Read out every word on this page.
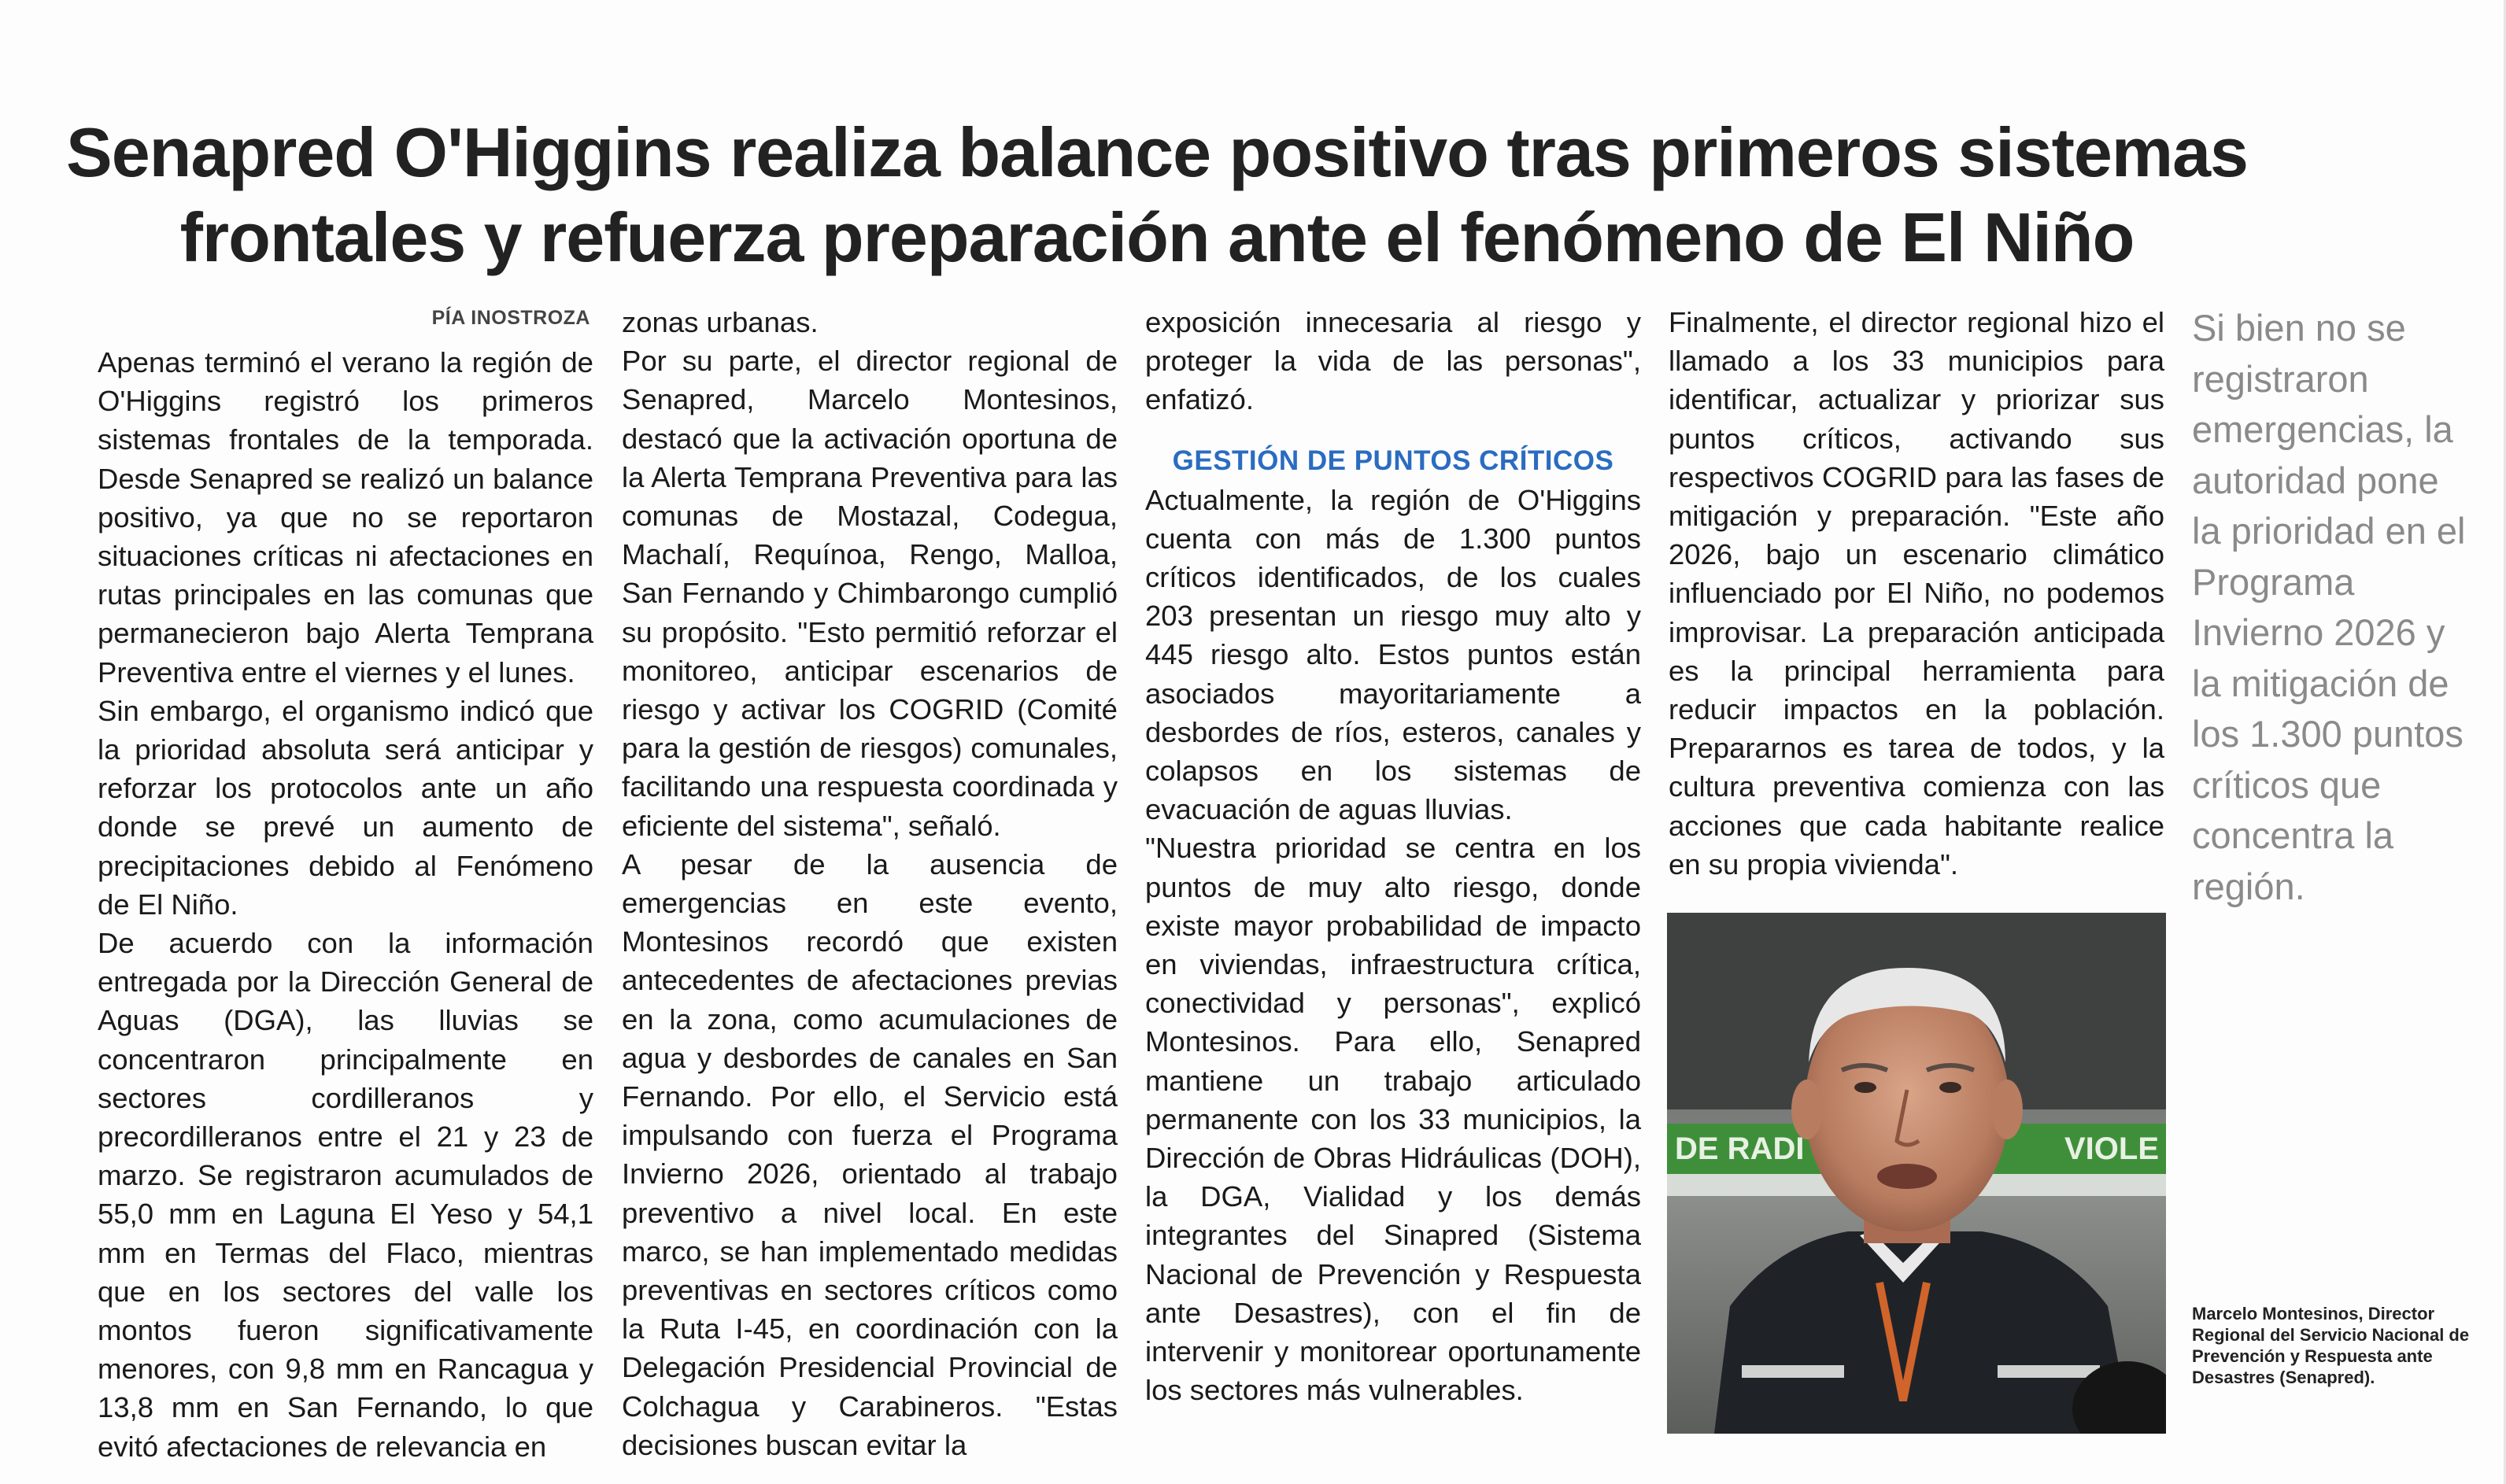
Senapred O'Higgins realiza balance positivo tras primeros sistemas
frontales y refuerza preparación ante el fenómeno de El Niño

PÍA INOSTROZA

Apenas terminó el verano la región de O'Higgins registró los primeros sistemas frontales de la temporada. Desde Senapred se realizó un balance positivo, ya que no se reportaron situaciones críticas ni afectaciones en rutas principales en las comunas que permanecieron bajo Alerta Temprana Preventiva entre el viernes y el lunes.

Sin embargo, el organismo indicó que la prioridad absoluta será anticipar y reforzar los protocolos ante un año donde se prevé un aumento de precipitaciones debido al Fenómeno de El Niño.

De acuerdo con la información entregada por la Dirección General de Aguas (DGA), las lluvias se concentraron principalmente en sectores cordilleranos y precordilleranos entre el 21 y 23 de marzo. Se registraron acumulados de 55,0 mm en Laguna El Yeso y 54,1 mm en Termas del Flaco, mientras que en los sectores del valle los montos fueron significativamente menores, con 9,8 mm en Rancagua y 13,8 mm en San Fernando, lo que evitó afectaciones de relevancia en

zonas urbanas.

Por su parte, el director regional de Senapred, Marcelo Montesinos, destacó que la activación oportuna de la Alerta Temprana Preventiva para las comunas de Mostazal, Codegua, Machalí, Requínoa, Rengo, Malloa, San Fernando y Chimbarongo cumplió su propósito. "Esto permitió reforzar el monitoreo, anticipar escenarios de riesgo y activar los COGRID (Comité para la gestión de riesgos) comunales, facilitando una respuesta coordinada y eficiente del sistema", señaló.

A pesar de la ausencia de emergencias en este evento, Montesinos recordó que existen antecedentes de afectaciones previas en la zona, como acumulaciones de agua y desbordes de canales en San Fernando. Por ello, el Servicio está impulsando con fuerza el Programa Invierno 2026, orientado al trabajo preventivo a nivel local. En este marco, se han implementado medidas preventivas en sectores críticos como la Ruta I-45, en coordinación con la Delegación Presidencial Provincial de Colchagua y Carabineros. "Estas decisiones buscan evitar la

exposición innecesaria al riesgo y proteger la vida de las personas", enfatizó.

GESTIÓN DE PUNTOS CRÍTICOS

Actualmente, la región de O'Higgins cuenta con más de 1.300 puntos críticos identificados, de los cuales 203 presentan un riesgo muy alto y 445 riesgo alto. Estos puntos están asociados mayoritariamente a desbordes de ríos, esteros, canales y colapsos en los sistemas de evacuación de aguas lluvias.

"Nuestra prioridad se centra en los puntos de muy alto riesgo, donde existe mayor probabilidad de impacto en viviendas, infraestructura crítica, conectividad y personas", explicó Montesinos. Para ello, Senapred mantiene un trabajo articulado permanente con los 33 municipios, la Dirección de Obras Hidráulicas (DOH), la DGA, Vialidad y los demás integrantes del Sinapred (Sistema Nacional de Prevención y Respuesta ante Desastres), con el fin de intervenir y monitorear oportunamente los sectores más vulnerables.

Finalmente, el director regional hizo el llamado a los 33 municipios para identificar, actualizar y priorizar sus puntos críticos, activando sus respectivos COGRID para las fases de mitigación y preparación. "Este año 2026, bajo un escenario climático influenciado por El Niño, no podemos improvisar. La preparación anticipada es la principal herramienta para reducir impactos en la población. Prepararnos es tarea de todos, y la cultura preventiva comienza con las acciones que cada habitante realice en su propia vivienda".

DE RADI	VIOLE

Si bien no se registraron emergencias, la autoridad pone la prioridad en el Programa Invierno 2026 y la mitigación de los 1.300 puntos críticos que concentra la región.

Marcelo Montesinos, Director Regional del Servicio Nacional de Prevención y Respuesta ante Desastres (Senapred).
